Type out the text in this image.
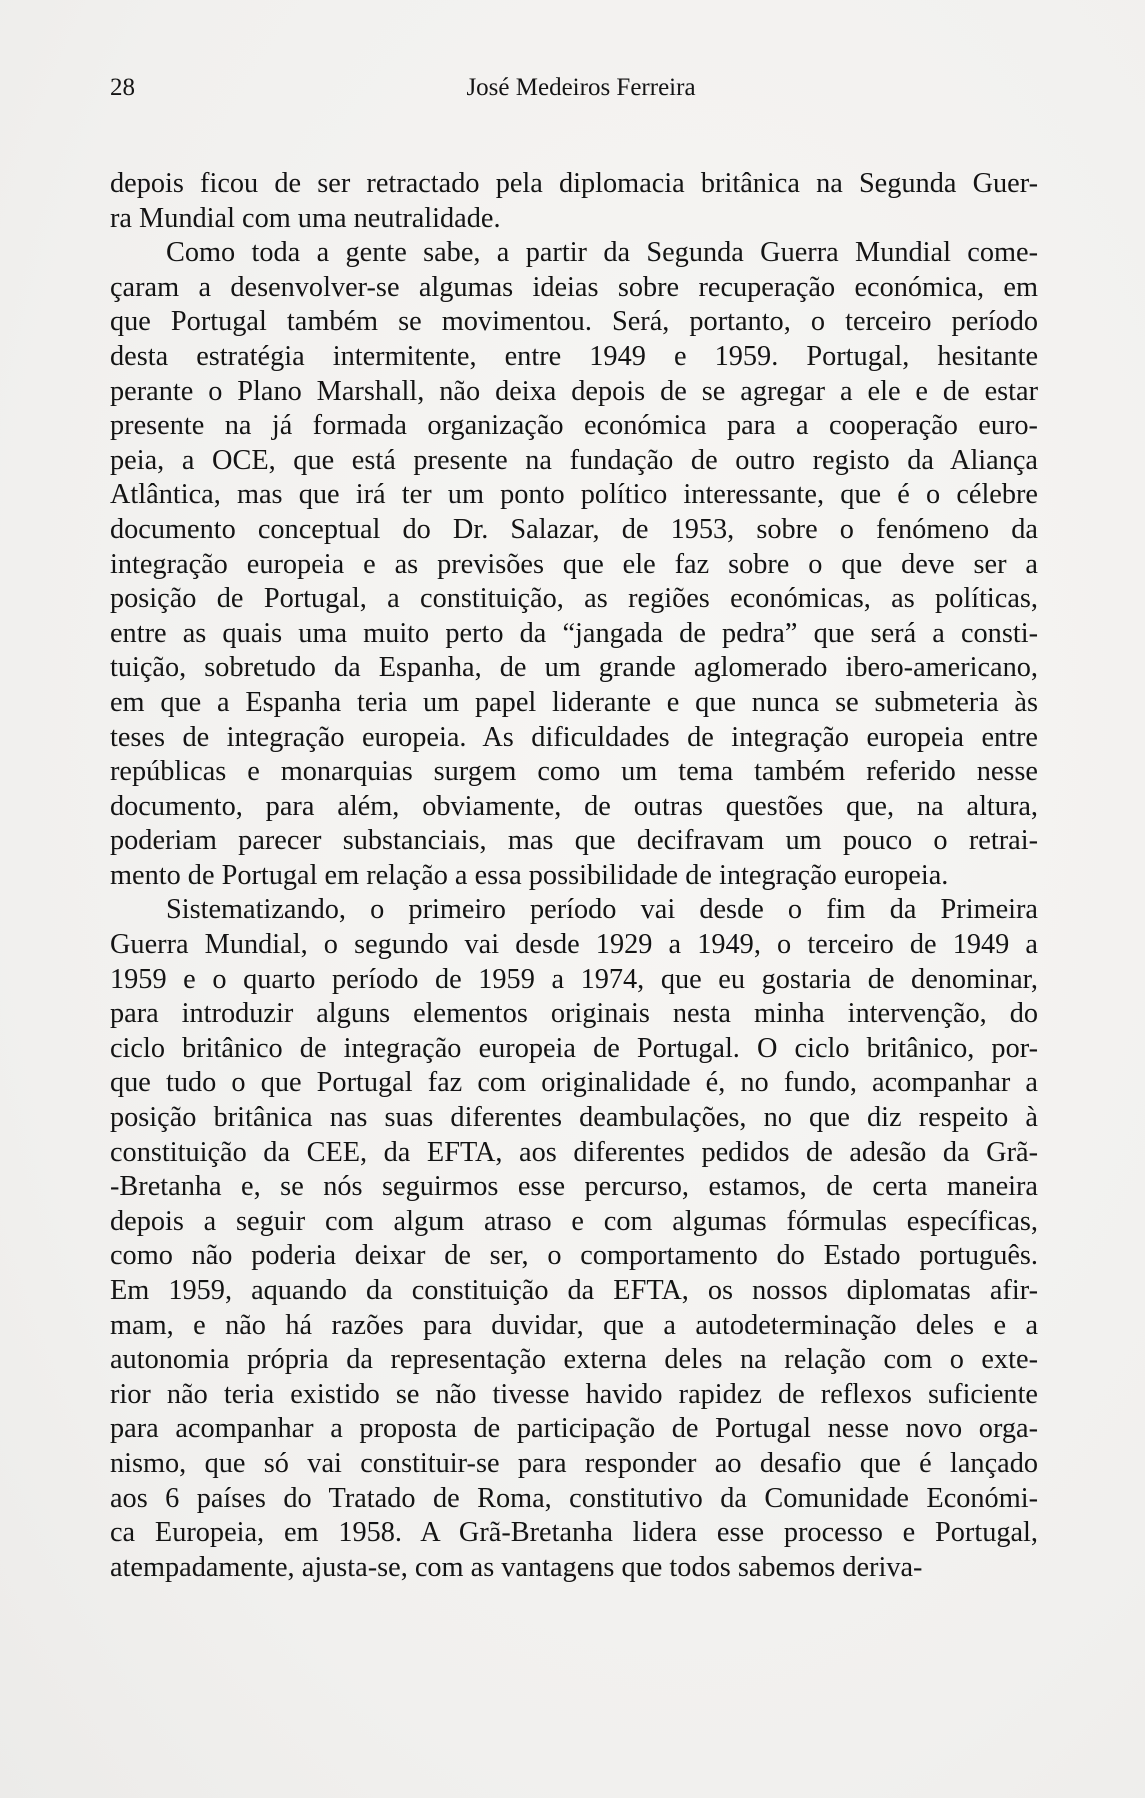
28	José Medeiros Ferreira

depois ficou de ser retractado pela diplomacia britânica na Segunda Guer-
ra Mundial com uma neutralidade.

Como toda a gente sabe, a partir da Segunda Guerra Mundial come-
çaram a desenvolver-se algumas ideias sobre recuperação económica, em
que Portugal também se movimentou. Será, portanto, o terceiro período
desta estratégia intermitente, entre 1949 e 1959. Portugal, hesitante
perante o Plano Marshall, não deixa depois de se agregar a ele e de estar
presente na já formada organização económica para a cooperação euro-
peia, a OCE, que está presente na fundação de outro registo da Aliança
Atlântica, mas que irá ter um ponto político interessante, que é o célebre
documento conceptual do Dr. Salazar, de 1953, sobre o fenómeno da
integração europeia e as previsões que ele faz sobre o que deve ser a
posição de Portugal, a constituição, as regiões económicas, as políticas,
entre as quais uma muito perto da “jangada de pedra” que será a consti-
tuição, sobretudo da Espanha, de um grande aglomerado ibero-americano,
em que a Espanha teria um papel liderante e que nunca se submeteria às
teses de integração europeia. As dificuldades de integração europeia entre
repúblicas e monarquias surgem como um tema também referido nesse
documento, para além, obviamente, de outras questões que, na altura,
poderiam parecer substanciais, mas que decifravam um pouco o retrai-
mento de Portugal em relação a essa possibilidade de integração europeia.

Sistematizando, o primeiro período vai desde o fim da Primeira
Guerra Mundial, o segundo vai desde 1929 a 1949, o terceiro de 1949 a
1959 e o quarto período de 1959 a 1974, que eu gostaria de denominar,
para introduzir alguns elementos originais nesta minha intervenção, do
ciclo britânico de integração europeia de Portugal. O ciclo britânico, por-
que tudo o que Portugal faz com originalidade é, no fundo, acompanhar a
posição britânica nas suas diferentes deambulações, no que diz respeito à
constituição da CEE, da EFTA, aos diferentes pedidos de adesão da Grã-
-Bretanha e, se nós seguirmos esse percurso, estamos, de certa maneira
depois a seguir com algum atraso e com algumas fórmulas específicas,
como não poderia deixar de ser, o comportamento do Estado português.
Em 1959, aquando da constituição da EFTA, os nossos diplomatas afir-
mam, e não há razões para duvidar, que a autodeterminação deles e a
autonomia própria da representação externa deles na relação com o exte-
rior não teria existido se não tivesse havido rapidez de reflexos suficiente
para acompanhar a proposta de participação de Portugal nesse novo orga-
nismo, que só vai constituir-se para responder ao desafio que é lançado
aos 6 países do Tratado de Roma, constitutivo da Comunidade Económi-
ca Europeia, em 1958. A Grã-Bretanha lidera esse processo e Portugal,
atempadamente, ajusta-se, com as vantagens que todos sabemos deriva-
